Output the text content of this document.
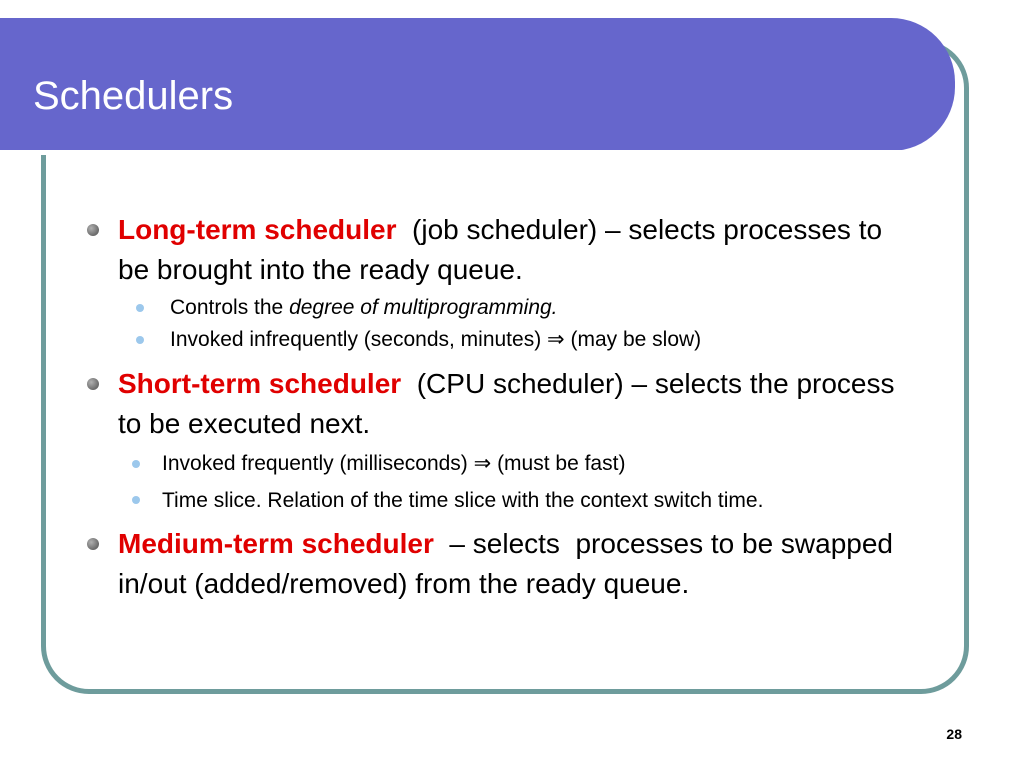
Schedulers
Long-term scheduler  (job scheduler) – selects processes to be brought into the ready queue.
Controls the degree of multiprogramming.
Invoked infrequently (seconds, minutes) ⇒ (may be slow)
Short-term scheduler  (CPU scheduler) – selects the process to be executed next.
Invoked frequently (milliseconds) ⇒ (must be fast)
Time slice. Relation of the time slice with the context switch time.
Medium-term scheduler  – selects  processes to be swapped in/out (added/removed) from the ready queue.
28
